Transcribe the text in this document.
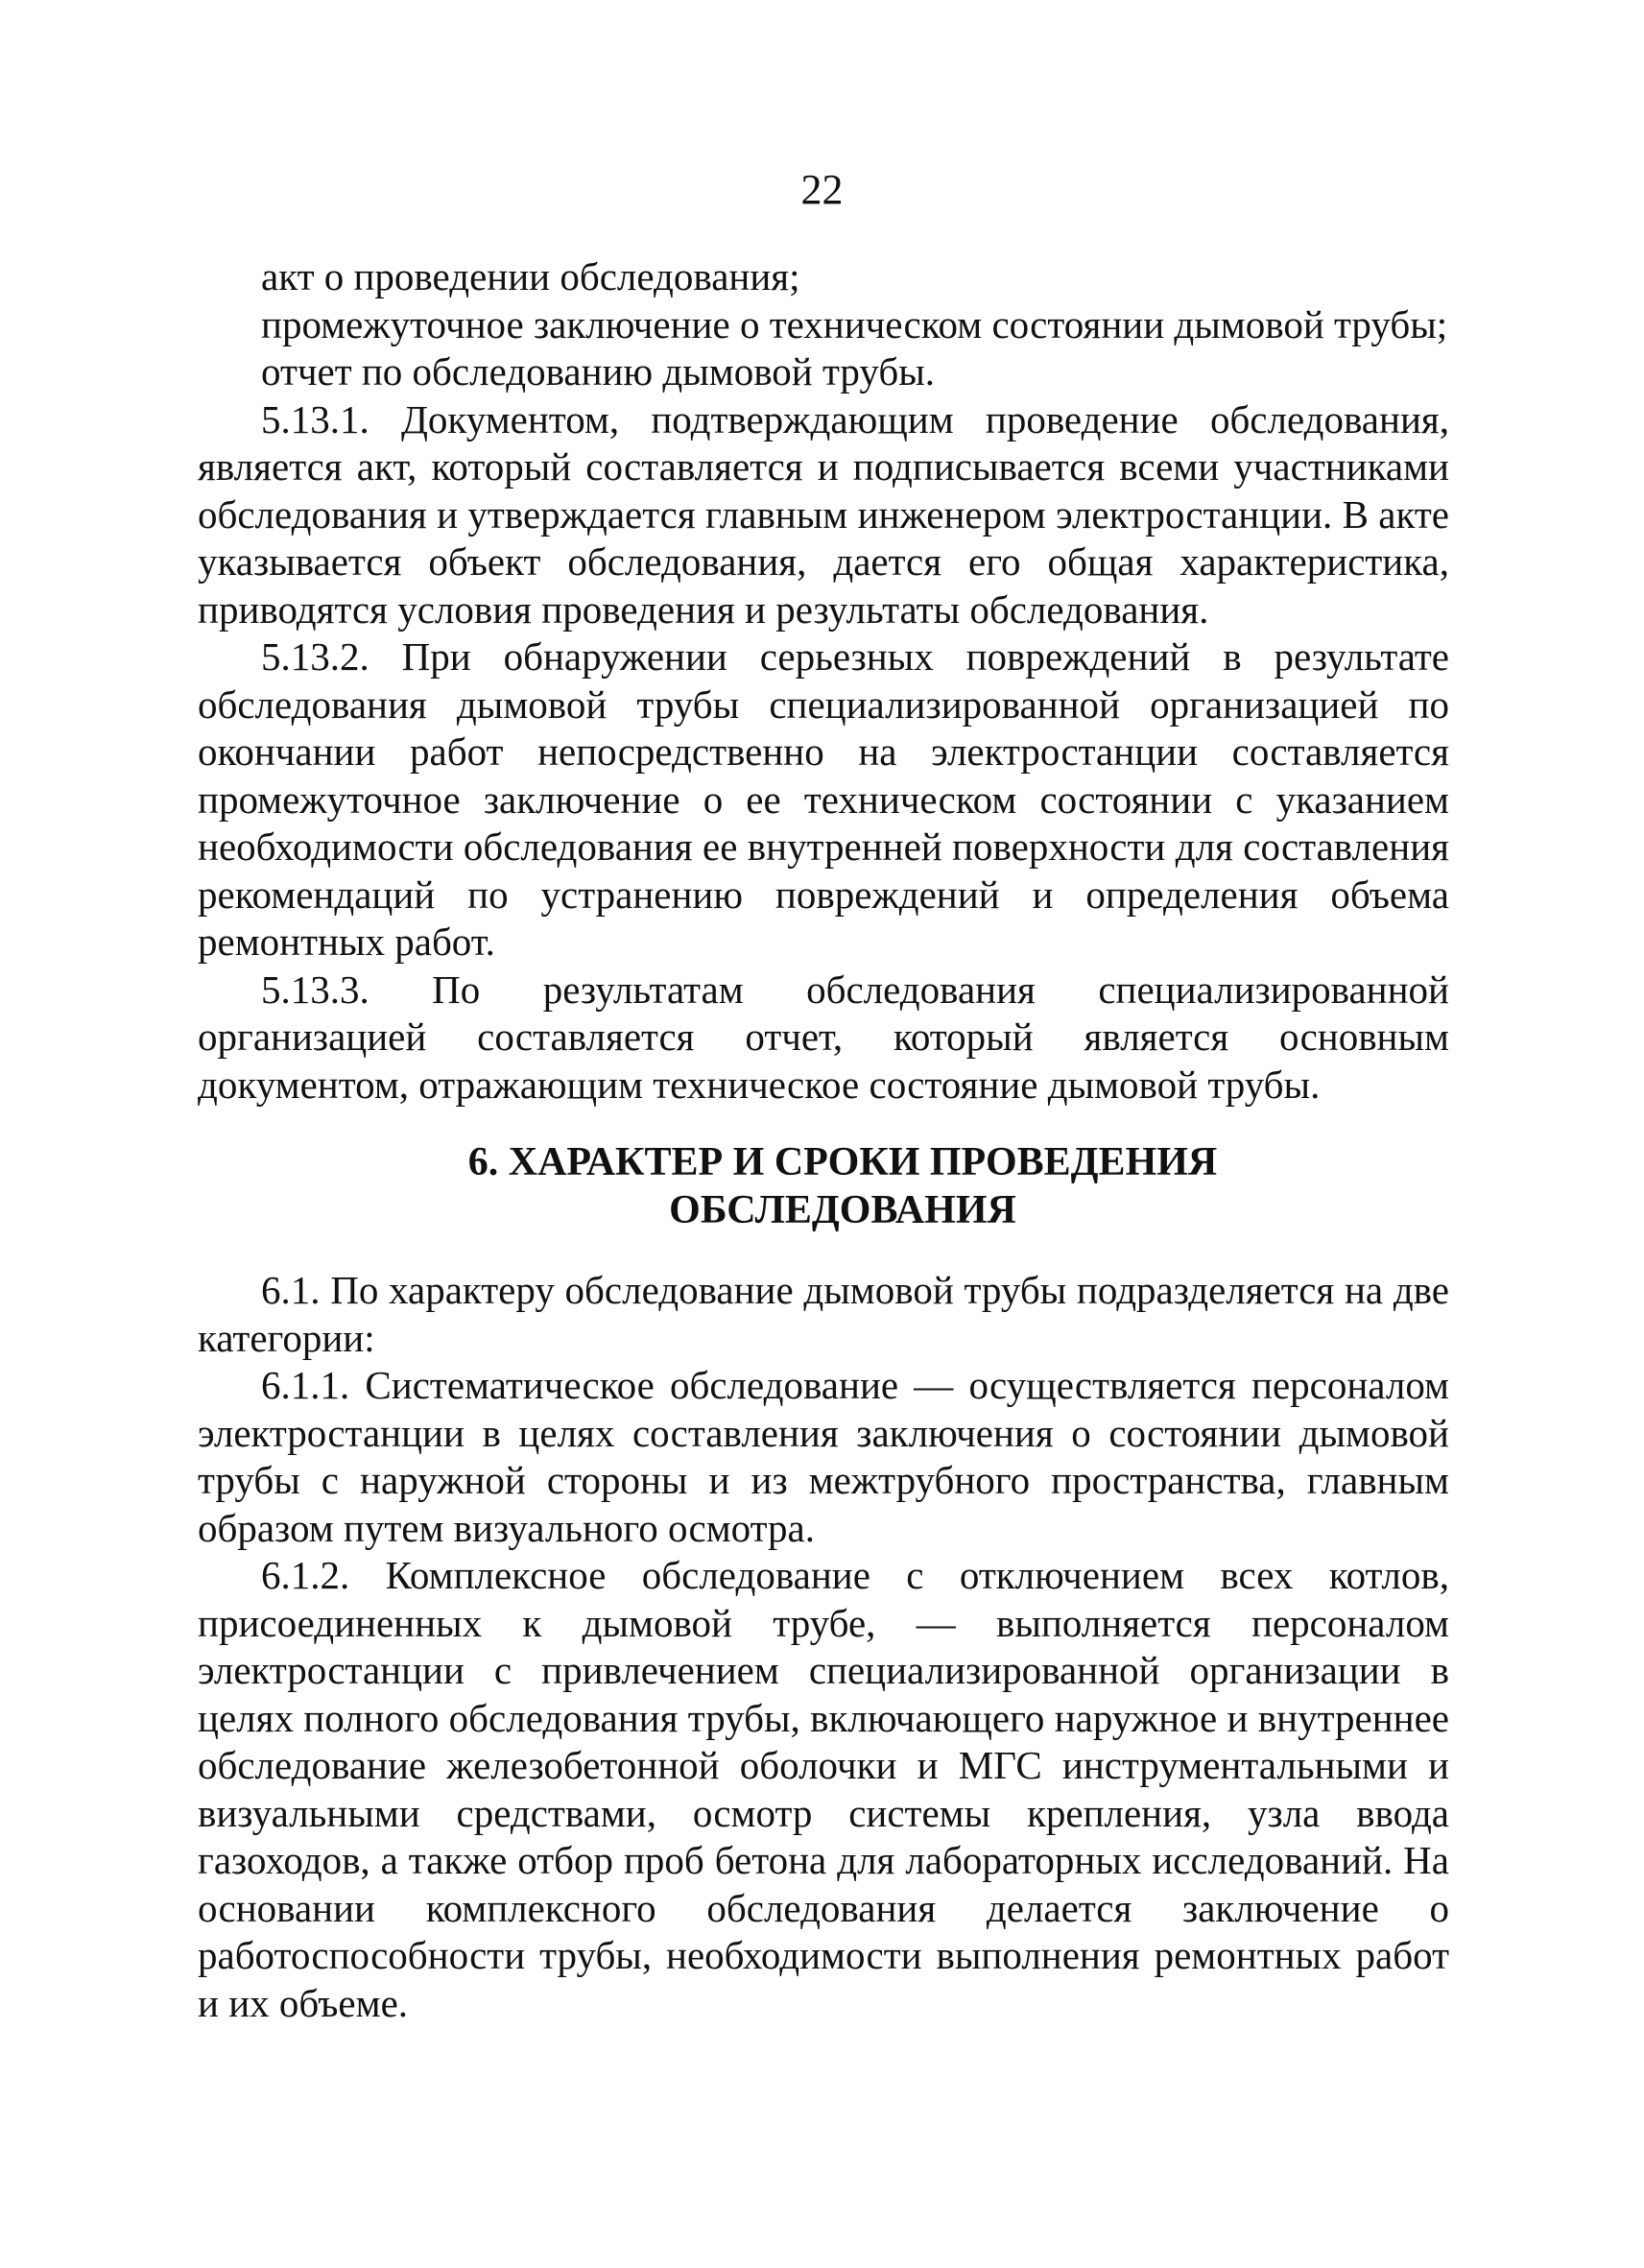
22

акт о проведении обследования;

промежуточное заключение о техническом состоянии дымовой трубы;

отчет по обследованию дымовой трубы.

5.13.1. Документом, подтверждающим проведение обследования, является акт, который составляется и подписывается всеми участниками обследования и утверждается главным инженером электростанции. В акте указывается объект обследования, дается его общая характеристика, приводятся условия проведения и результаты обследования.

5.13.2. При обнаружении серьезных повреждений в результате обследования дымовой трубы специализированной организацией по окончании работ непосредственно на электростанции составляется промежуточное заключение о ее техническом состоянии с указанием необходимости обследования ее внутренней поверхности для составления рекомендаций по устранению повреждений и определения объема ремонтных работ.

5.13.3. По результатам обследования специализированной организацией составляется отчет, который является основным документом, отражающим техническое состояние дымовой трубы.

6. ХАРАКТЕР И СРОКИ ПРОВЕДЕНИЯ
ОБСЛЕДОВАНИЯ

6.1. По характеру обследование дымовой трубы подразделяется на две категории:

6.1.1. Систематическое обследование — осуществляется персоналом электростанции в целях составления заключения о состоянии дымовой трубы с наружной стороны и из межтрубного пространства, главным образом путем визуального осмотра.

6.1.2. Комплексное обследование с отключением всех котлов, присоединенных к дымовой трубе, — выполняется персоналом электростанции с привлечением специализированной организации в целях полного обследования трубы, включающего наружное и внутреннее обследование железобетонной оболочки и МГС инструментальными и визуальными средствами, осмотр системы крепления, узла ввода газоходов, а также отбор проб бетона для лабораторных исследований. На основании комплексного обследования делается заключение о работоспособности трубы, необходимости выполнения ремонтных работ и их объеме.
